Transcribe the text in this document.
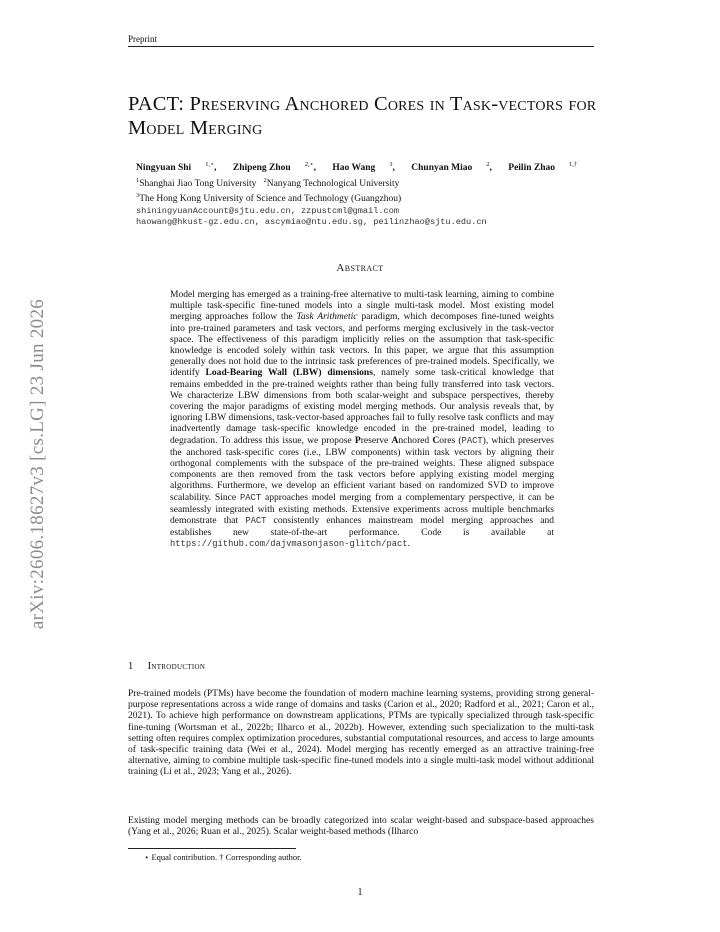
Preprint
arXiv:2606.18627v3 [cs.LG] 23 Jun 2026
PACT: Preserving Anchored Cores in Task-vectors for Model Merging
Ningyuan Shi $^{1,⋆}$, Zhipeng Zhou $^{2,⋆}$, Hao Wang $^3$, Chunyan Miao $^2$, Peilin Zhao $^{1,\dagger}$
$^1$Shanghai Jiao Tong University $^2$Nanyang Technological University
$^3$The Hong Kong University of Science and Technology (Guangzhou)
shiningyuanAccount@sjtu.edu.cn, zzpustcml@gmail.com
haowang@hkust-gz.edu.cn, ascymiao@ntu.edu.sg, peilinzhao@sjtu.edu.cn
Abstract
Model merging has emerged as a training-free alternative to multi-task learning, aiming to combine multiple task-specific fine-tuned models into a single multi-task model. Most existing model merging approaches follow the Task Arithmetic paradigm, which decomposes fine-tuned weights into pre-trained parameters and task vectors, and performs merging exclusively in the task-vector space. The effectiveness of this paradigm implicitly relies on the assumption that task-specific knowledge is encoded solely within task vectors. In this paper, we argue that this assumption generally does not hold due to the intrinsic task preferences of pre-trained models. Specifically, we identify Load-Bearing Wall (LBW) dimensions, namely some task-critical knowledge that remains embedded in the pre-trained weights rather than being fully transferred into task vectors. We characterize LBW dimensions from both scalar-weight and subspace perspectives, thereby covering the major paradigms of existing model merging methods. Our analysis reveals that, by ignoring LBW dimensions, task-vector-based approaches fail to fully resolve task conflicts and may inadvertently damage task-specific knowledge encoded in the pre-trained model, leading to degradation. To address this issue, we propose Preserve Anchored Cores (PACT), which preserves the anchored task-specific cores (i.e., LBW components) within task vectors by aligning their orthogonal complements with the subspace of the pre-trained weights. These aligned subspace components are then removed from the task vectors before applying existing model merging algorithms. Furthermore, we develop an efficient variant based on randomized SVD to improve scalability. Since PACT approaches model merging from a complementary perspective, it can be seamlessly integrated with existing methods. Extensive experiments across multiple benchmarks demonstrate that PACT consistently enhances mainstream model merging approaches and establishes new state-of-the-art performance. Code is available at https://github.com/dajvmasonjason-glitch/pact.
1 Introduction
Pre-trained models (PTMs) have become the foundation of modern machine learning systems, providing strong general-purpose representations across a wide range of domains and tasks (Carion et al., 2020; Radford et al., 2021; Caron et al., 2021). To achieve high performance on downstream applications, PTMs are typically specialized through task-specific fine-tuning (Wortsman et al., 2022b; Ilharco et al., 2022b). However, extending such specialization to the multi-task setting often requires complex optimization procedures, substantial computational resources, and access to large amounts of task-specific training data (Wei et al., 2024). Model merging has recently emerged as an attractive training-free alternative, aiming to combine multiple task-specific fine-tuned models into a single multi-task model without additional training (Li et al., 2023; Yang et al., 2026).
Existing model merging methods can be broadly categorized into scalar weight-based and subspace-based approaches (Yang et al., 2026; Ruan et al., 2025). Scalar weight-based methods (Ilharco
⋆ Equal contribution. † Corresponding author.
1
